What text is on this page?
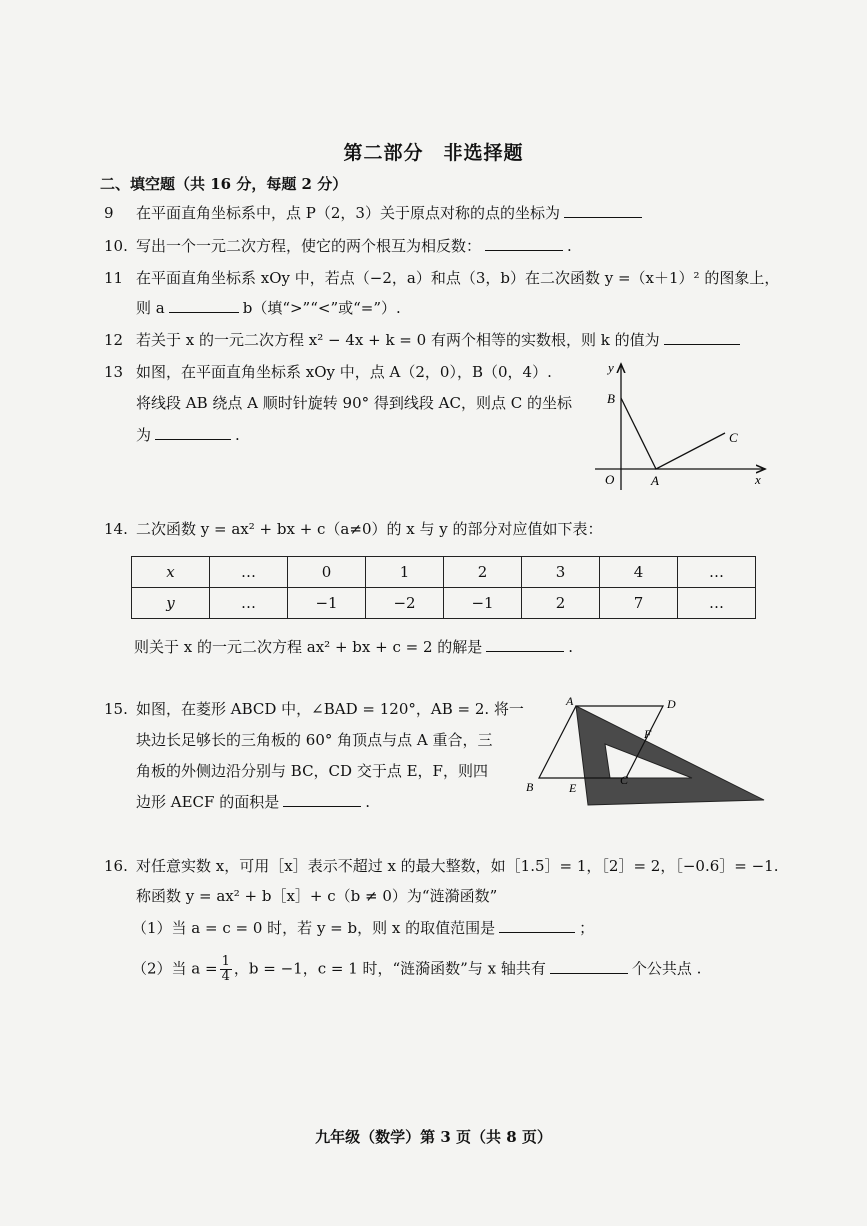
第二部分　非选择题
二、填空题（共 16 分，每题 2 分）
9 在平面直角坐标系中，点 P（2，3）关于原点对称的点的坐标为
10. 写出一个一元二次方程，使它的两个根互为相反数：	.
11 在平面直角坐标系 xOy 中，若点（−2，a）和点（3，b）在二次函数 y =（x＋1）² 的图象上，
则 a	b（填“>”“<”或“=”）.
12 若关于 x 的一元二次方程 x² − 4x + k = 0 有两个相等的实数根，则 k 的值为
13 如图，在平面直角坐标系 xOy 中，点 A（2，0），B（0，4）.
将线段 AB 绕点 A 顺时针旋转 90° 得到线段 AC，则点 C 的坐标
为	.
y
x
O	A
B
C
14. 二次函数 y = ax² + bx + c（a≠0）的 x 与 y 的部分对应值如下表：
x	…	0	1	2	3	4	…
y	…	−1	−2	−1	2	7	…
则关于 x 的一元二次方程 ax² + bx + c = 2 的解是	.
15. 如图，在菱形 ABCD 中，∠BAD = 120°，AB = 2. 将一
块边长足够长的三角板的 60° 角顶点与点 A 重合，三
角板的外侧边沿分别与 BC，CD 交于点 E，F，则四
边形 AECF 的面积是	.
A	D
B	C
E
F
16. 对任意实数 x，可用［x］表示不超过 x 的最大整数，如［1.5］= 1，［2］= 2，［−0.6］= −1.
称函数 y = ax² + b［x］+ c（b ≠ 0）为“涟漪函数”
（1）当 a = c = 0 时，若 y = b，则 x 的取值范围是	；
（2）当 $a = \frac{1}{4}$ ，b = −1，c = 1 时，“涟漪函数”与 x 轴共有	个公共点 .
九年级（数学）第 3 页（共 8 页）
